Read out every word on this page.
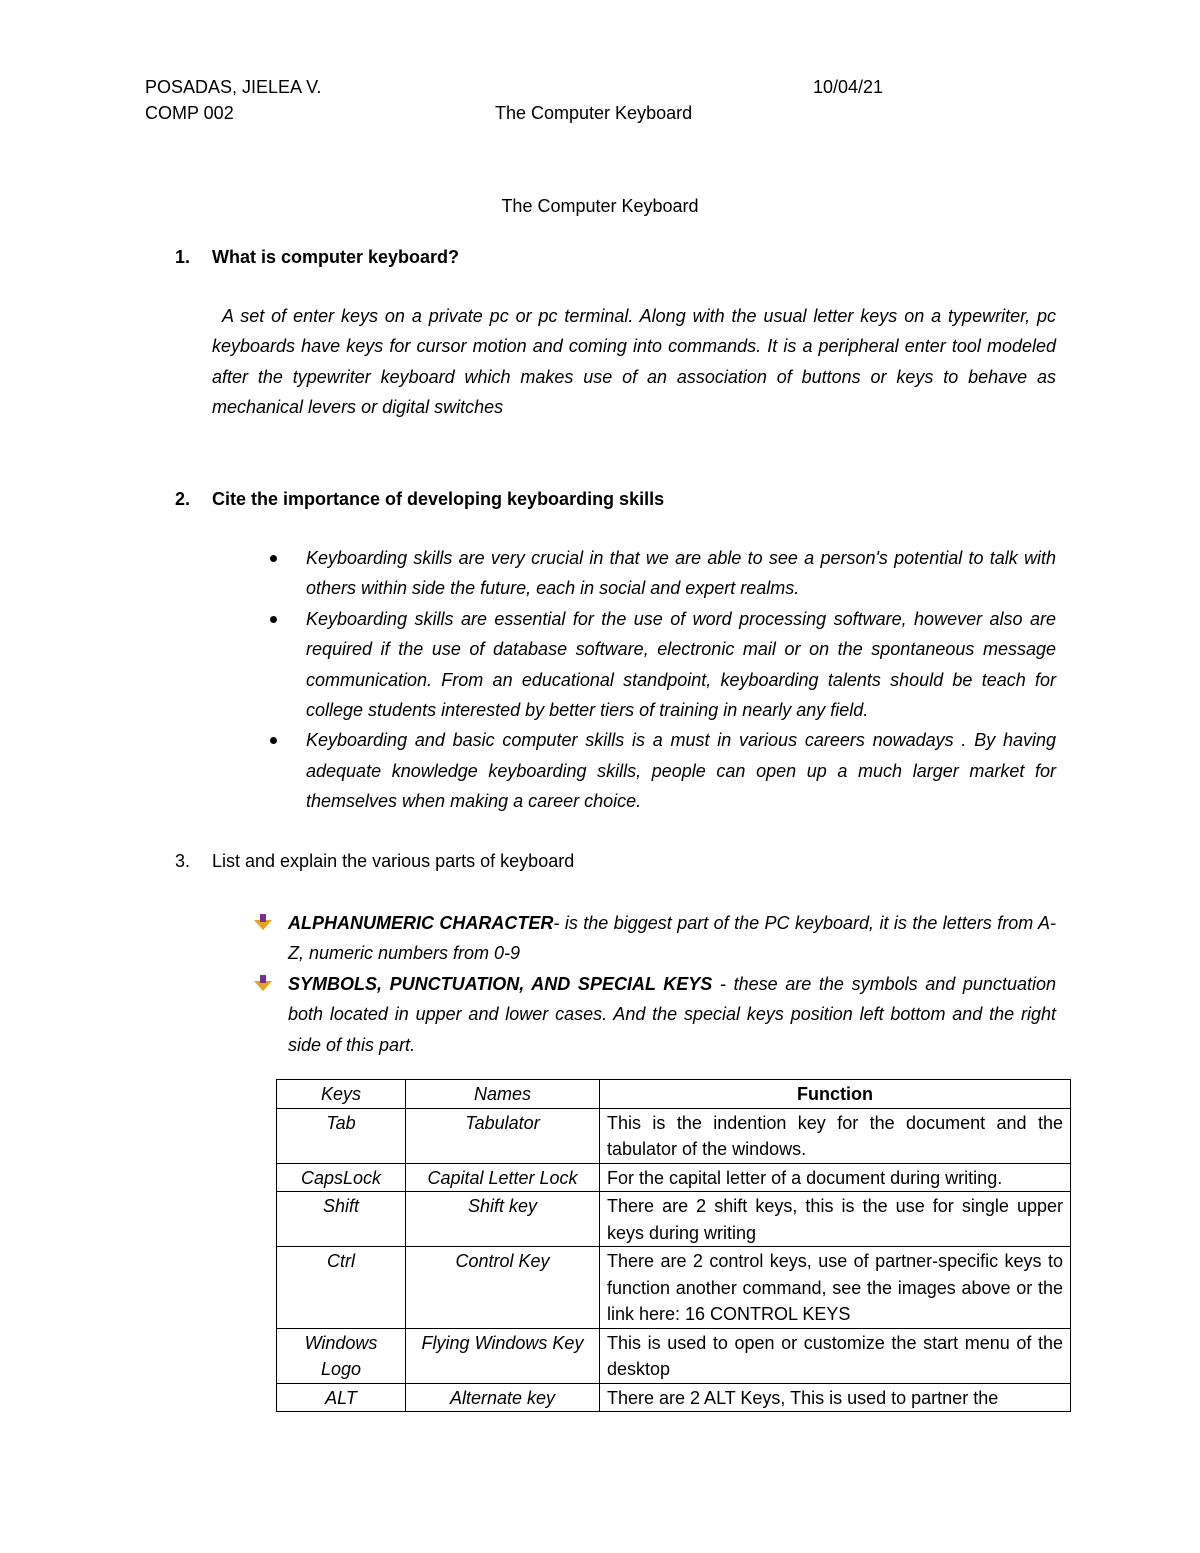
POSADAS, JIELEA V.	10/04/21
COMP 002	The Computer Keyboard
The Computer Keyboard
1. What is computer keyboard?
A set of enter keys on a private pc or pc terminal. Along with the usual letter keys on a typewriter, pc keyboards have keys for cursor motion and coming into commands. It is a peripheral enter tool modeled after the typewriter keyboard which makes use of an association of buttons or keys to behave as mechanical levers or digital switches
2. Cite the importance of developing keyboarding skills
Keyboarding skills are very crucial in that we are able to see a person's potential to talk with others within side the future, each in social and expert realms.
Keyboarding skills are essential for the use of word processing software, however also are required if the use of database software, electronic mail or on the spontaneous message communication. From an educational standpoint, keyboarding talents should be teach for college students interested by better tiers of training in nearly any field.
Keyboarding and basic computer skills is a must in various careers nowadays . By having adequate knowledge keyboarding skills, people can open up a much larger market for themselves when making a career choice.
3. List and explain the various parts of keyboard
ALPHANUMERIC CHARACTER- is the biggest part of the PC keyboard, it is the letters from A-Z, numeric numbers from 0-9
SYMBOLS, PUNCTUATION, AND SPECIAL KEYS - these are the symbols and punctuation both located in upper and lower cases. And the special keys position left bottom and the right side of this part.
Keys	Names	Function
Tab	Tabulator	This is the indention key for the document and the tabulator of the windows.
CapsLock	Capital Letter Lock	For the capital letter of a document during writing.
Shift	Shift key	There are 2 shift keys, this is the use for single upper keys during writing
Ctrl	Control Key	There are 2 control keys, use of partner-specific keys to function another command, see the images above or the link here: 16 CONTROL KEYS
Windows Logo	Flying Windows Key	This is used to open or customize the start menu of the desktop
ALT	Alternate key	There are 2 ALT Keys, This is used to partner the
